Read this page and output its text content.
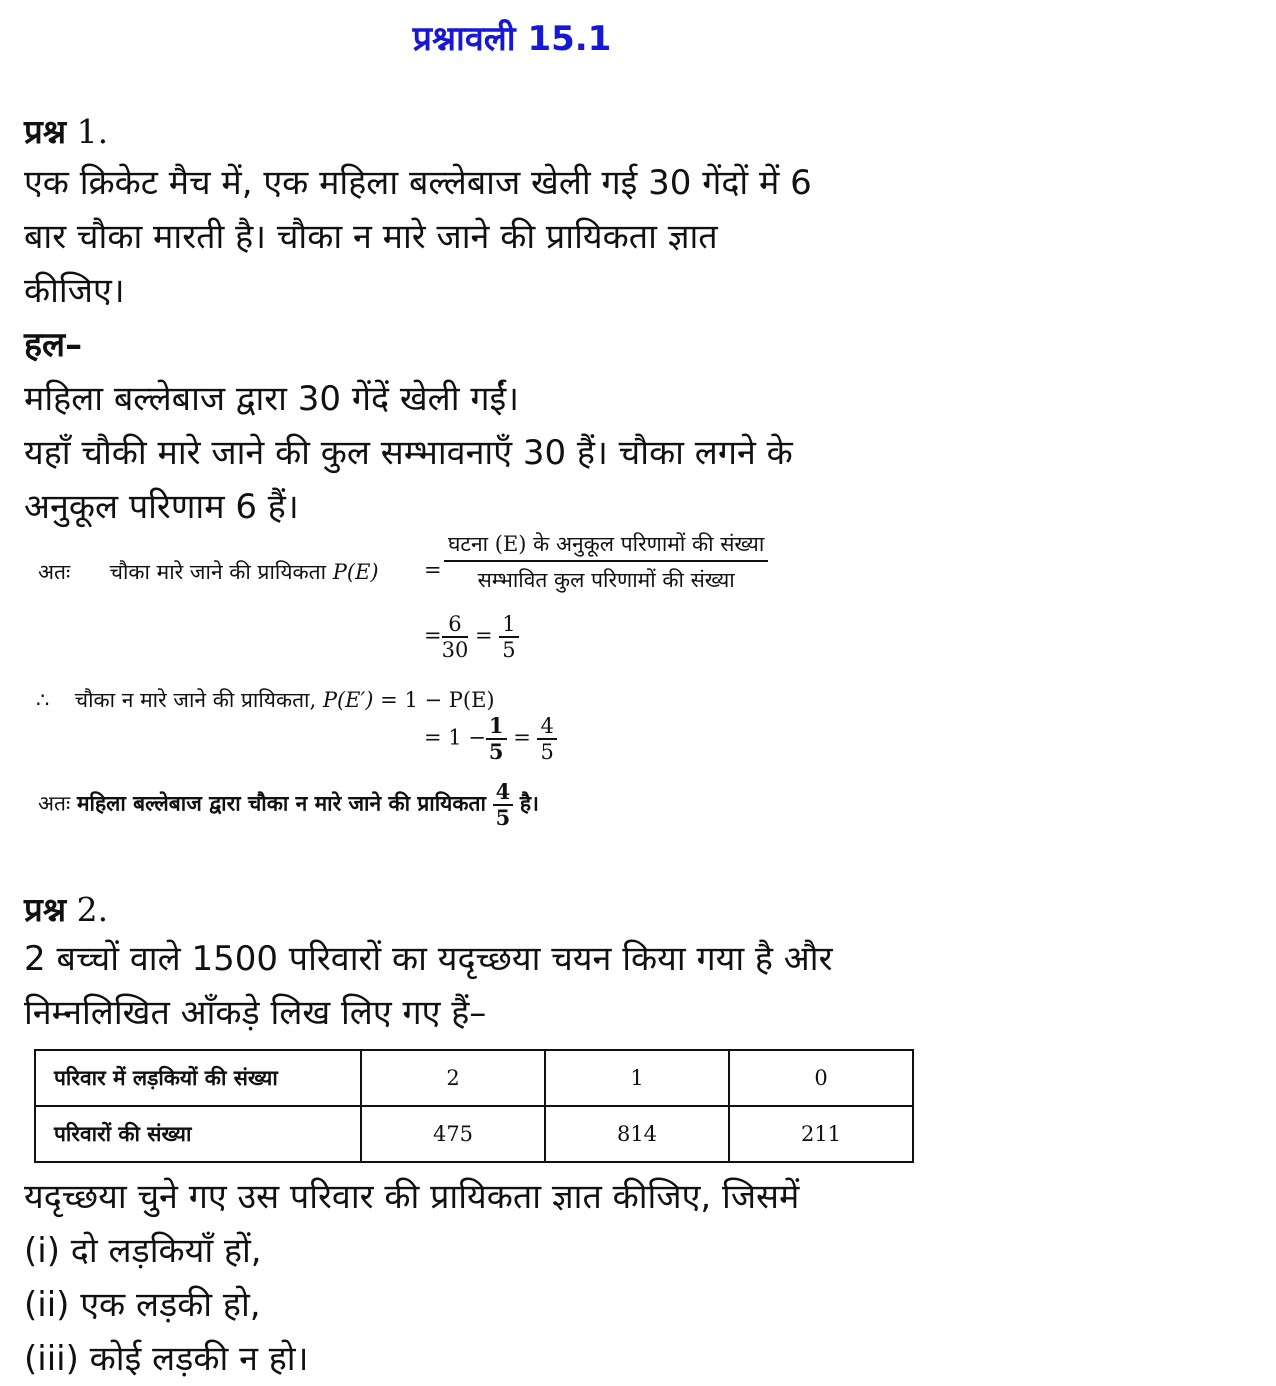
प्रश्नावली 15.1
प्रश्न 1.
एक क्रिकेट मैच में, एक महिला बल्लेबाज खेली गई 30 गेंदों में 6
बार चौका मारती है। चौका न मारे जाने की प्रायिकता ज्ञात
कीजिए।
हल–
महिला बल्लेबाज द्वारा 30 गेंदें खेली गईं।
यहाँ चौकी मारे जाने की कुल सम्भावनाएँ 30 हैं। चौका लगने के
अनुकूल परिणाम 6 हैं।
अतः चौका मारे जाने की प्रायिकता $P(E) = \frac{\text{घटना (E) के अनुकूल परिणामों की संख्या}}{\text{सम्भावित कुल परिणामों की संख्या}}$
= $\frac{6}{30} = \frac{1}{5}$
∴ चौका न मारे जाने की प्रायिकता, P(E′) = 1 − P(E)
= $1 - \frac{1}{5} = \frac{4}{5}$
अतः महिला बल्लेबाज द्वारा चौका न मारे जाने की प्रायिकता $\frac{4}{5}$ है।
प्रश्न 2.
2 बच्चों वाले 1500 परिवारों का यदृच्छया चयन किया गया है और
निम्नलिखित आँकड़े लिख लिए गए हैं–
परिवार में लड़कियों की संख्या	2	1	0
परिवारों की संख्या	475	814	211
यदृच्छया चुने गए उस परिवार की प्रायिकता ज्ञात कीजिए, जिसमें
(i) दो लड़कियाँ हों,
(ii) एक लड़की हो,
(iii) कोई लड़की न हो।
